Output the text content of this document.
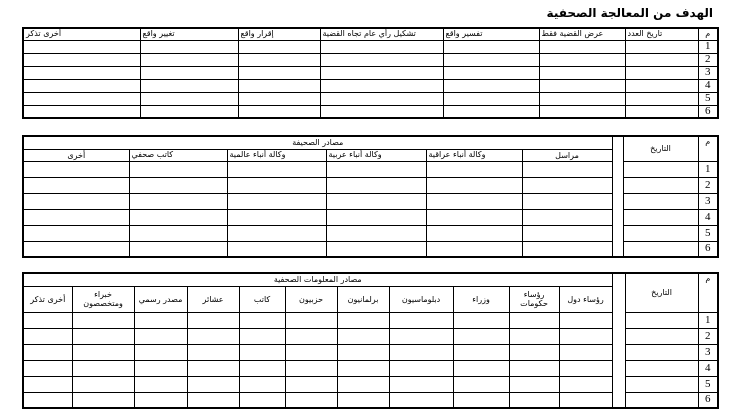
الهدف من المعالجة الصحفية
م	تاريخ العدد	عرض القضية فقط	تفسير واقع	تشكيل رأي عام تجاه القضية	إقرار واقع	تغيير واقع	أخرى تذكر
1							
2							
3							
4							
5							
6							
م	التاريخ		مصادر الصحيفة					
			مراسل	وكالة أنباء عراقية	وكالة أنباء عربية	وكالة أنباء عالمية	كاتب صحفي	أخرى
1								
2								
3								
4								
5								
6								
م	التاريخ		مصادر المعلومات الصحفية										
			رؤساء دول	رؤساء حكومات	وزراء	دبلوماسيون	برلمانيون	حزبيون	كاتب	عشائر	مصدر رسمي	خبراء ومتخصصون	أخرى تذكر
1													
2													
3													
4													
5													
6													
